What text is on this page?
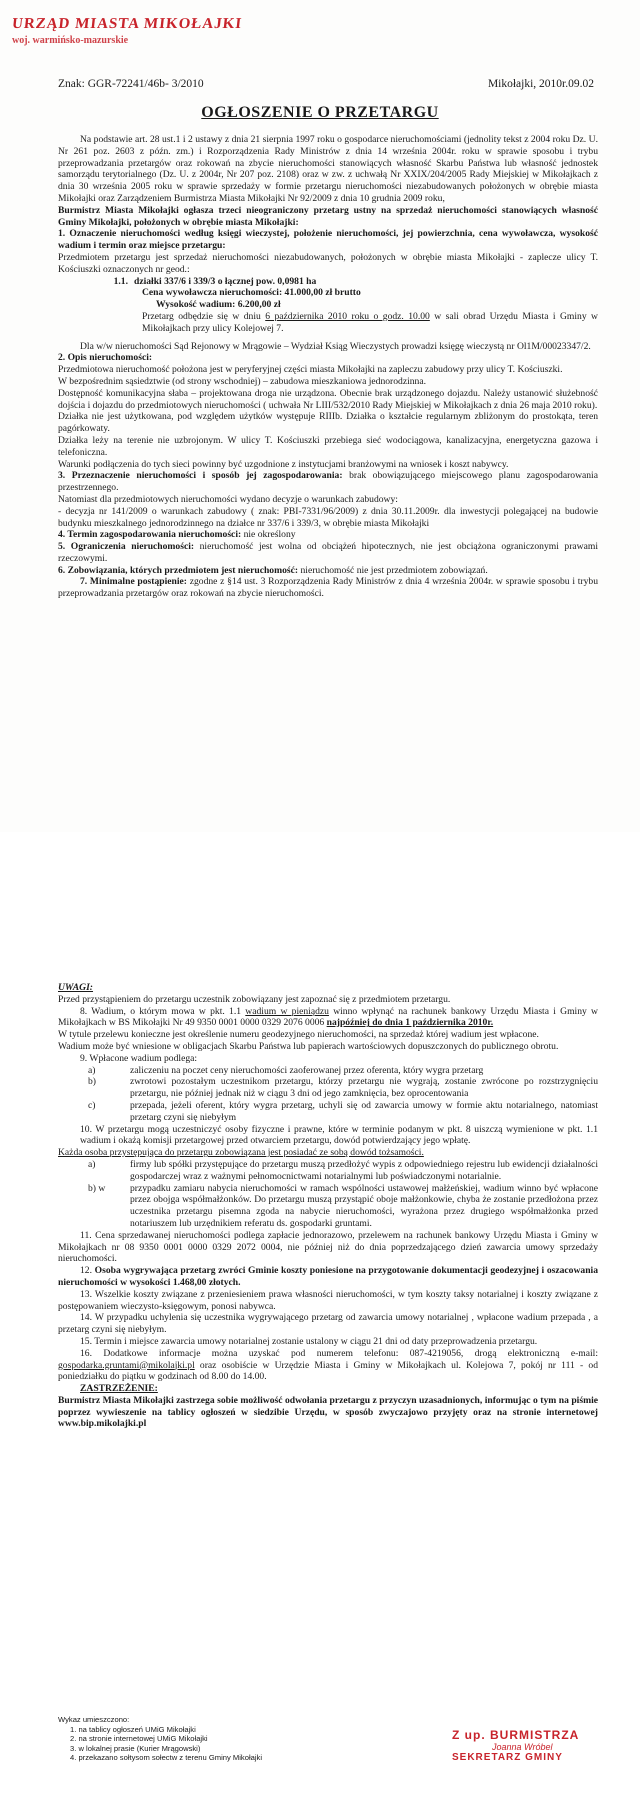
URZĄD MIASTA MIKOŁAJKI
woj. warmińsko-mazurskie
Znak: GGR-72241/46b- 3/2010	Mikołajki, 2010r.09.02
OGŁOSZENIE O PRZETARGU

Na podstawie art. 28 ust.1 i 2 ustawy z dnia 21 sierpnia 1997 roku o gospodarce nieruchomościami (jednolity tekst z 2004 roku Dz. U. Nr 261 poz. 2603 z późn. zm.) i Rozporządzenia Rady Ministrów z dnia 14 września 2004r. roku w sprawie sposobu i trybu przeprowadzania przetargów oraz rokowań na zbycie nieruchomości stanowiących własność Skarbu Państwa lub własność jednostek samorządu terytorialnego (Dz. U. z 2004r, Nr 207 poz. 2108) oraz w zw. z uchwałą Nr XXIX/204/2005 Rady Miejskiej w Mikołajkach z dnia 30 września 2005 roku w sprawie sprzedaży w formie przetargu nieruchomości niezabudowanych położonych w obrębie miasta Mikołajki oraz Zarządzeniem Burmistrza Miasta Mikołajki Nr 92/2009 z dnia 10 grudnia 2009 roku,

Burmistrz Miasta Mikołajki ogłasza trzeci nieograniczony przetarg ustny na sprzedaż nieruchomości stanowiących własność Gminy Mikołajki, położonych w obrębie miasta Mikołajki:

1. Oznaczenie nieruchomości według księgi wieczystej, położenie nieruchomości, jej powierzchnia, cena wywoławcza, wysokość wadium i termin oraz miejsce przetargu:

Przedmiotem przetargu jest sprzedaż nieruchomości niezabudowanych, położonych w obrębie miasta Mikołajki - zaplecze ulicy T. Kościuszki oznaczonych nr geod.:

1.1. działki 337/6 i 339/3 o łącznej pow. 0,0981 ha

Cena wywoławcza nieruchomości: 41.000,00 zł brutto

Wysokość wadium: 6.200,00 zł

Przetarg odbędzie się w dniu 6 października 2010 roku o godz. 10.00 w sali obrad Urzędu Miasta i Gminy w Mikołajkach przy ulicy Kolejowej 7.

Dla w/w nieruchomości Sąd Rejonowy w Mrągowie – Wydział Ksiąg Wieczystych prowadzi księgę wieczystą nr Ol1M/00023347/2.

2. Opis nieruchomości:

Przedmiotowa nieruchomość położona jest w peryferyjnej części miasta Mikołajki na zapleczu zabudowy przy ulicy T. Kościuszki.

W bezpośrednim sąsiedztwie (od strony wschodniej) – zabudowa mieszkaniowa jednorodzinna.

Dostępność komunikacyjna słaba – projektowana droga nie urządzona. Obecnie brak urządzonego dojazdu. Należy ustanowić służebność dojścia i dojazdu do przedmiotowych nieruchomości ( uchwała Nr LIII/532/2010 Rady Miejskiej w Mikołajkach z dnia 26 maja 2010 roku).

Działka nie jest użytkowana, pod względem użytków występuje RIIIb. Działka o kształcie regularnym zbliżonym do prostokąta, teren pagórkowaty.

Działka leży na terenie nie uzbrojonym. W ulicy T. Kościuszki przebiega sieć wodociągowa, kanalizacyjna, energetyczna gazowa i telefoniczna.

Warunki podłączenia do tych sieci powinny być uzgodnione z instytucjami branżowymi na wniosek i koszt nabywcy.

3. Przeznaczenie nieruchomości i sposób jej zagospodarowania: brak obowiązującego miejscowego planu zagospodarowania przestrzennego.

Natomiast dla przedmiotowych nieruchomości wydano decyzje o warunkach zabudowy:

- decyzja nr 141/2009 o warunkach zabudowy ( znak: PBI-7331/96/2009) z dnia 30.11.2009r. dla inwestycji polegającej na budowie budynku mieszkalnego jednorodzinnego na działce nr 337/6 i 339/3, w obrębie miasta Mikołajki

4. Termin zagospodarowania nieruchomości: nie określony

5. Ograniczenia nieruchomości: nieruchomość jest wolna od obciążeń hipotecznych, nie jest obciążona ograniczonymi prawami rzeczowymi.

6. Zobowiązania, których przedmiotem jest nieruchomość: nieruchomość nie jest przedmiotem zobowiązań.

7. Minimalne postąpienie: zgodne z §14 ust. 3 Rozporządzenia Rady Ministrów z dnia 4 września 2004r. w sprawie sposobu i trybu przeprowadzania przetargów oraz rokowań na zbycie nieruchomości.

UWAGI:

Przed przystąpieniem do przetargu uczestnik zobowiązany jest zapoznać się z przedmiotem przetargu.

8. Wadium, o którym mowa w pkt. 1.1 wadium w pieniądzu winno wpłynąć na rachunek bankowy Urzędu Miasta i Gminy w Mikołajkach w BS Mikołajki Nr 49 9350 0001 0000 0329 2076 0006 najpóźniej do dnia 1 października 2010r.

W tytule przelewu konieczne jest określenie numeru geodezyjnego nieruchomości, na sprzedaż której wadium jest wpłacone.

Wadium może być wniesione w obligacjach Skarbu Państwa lub papierach wartościowych dopuszczonych do publicznego obrotu.

9. Wpłacone wadium podlega:

a)	zaliczeniu na poczet ceny nieruchomości zaoferowanej przez oferenta, który wygra przetarg
b)	zwrotowi pozostałym uczestnikom przetargu, którzy przetargu nie wygrają, zostanie zwrócone po rozstrzygnięciu przetargu, nie później jednak niż w ciągu 3 dni od jego zamknięcia, bez oprocentowania
c)	przepada, jeżeli oferent, który wygra przetarg, uchyli się od zawarcia umowy w formie aktu notarialnego, natomiast przetarg czyni się niebyłym

10. W przetargu mogą uczestniczyć osoby fizyczne i prawne, które w terminie podanym w pkt. 8 uiszczą wymienione w pkt. 1.1 wadium i okażą komisji przetargowej przed otwarciem przetargu, dowód potwierdzający jego wpłatę.

Każda osoba przystępująca do przetargu zobowiązana jest posiadać ze sobą dowód tożsamości.

a)	firmy lub spółki przystępujące do przetargu muszą przedłożyć wypis z odpowiedniego rejestru lub ewidencji działalności gospodarczej wraz z ważnymi pełnomocnictwami notarialnymi lub poświadczonymi notarialnie.
b) w	przypadku zamiaru nabycia nieruchomości w ramach wspólności ustawowej małżeńskiej, wadium winno być wpłacone przez obojga współmałżonków. Do przetargu muszą przystąpić oboje małżonkowie, chyba że zostanie przedłożona przez uczestnika przetargu pisemna zgoda na nabycie nieruchomości, wyrażona przez drugiego współmałżonka przed notariuszem lub urzędnikiem referatu ds. gospodarki gruntami.

11. Cena sprzedawanej nieruchomości podlega zapłacie jednorazowo, przelewem na rachunek bankowy Urzędu Miasta i Gminy w Mikołajkach nr 08 9350 0001 0000 0329 2072 0004, nie później niż do dnia poprzedzającego dzień zawarcia umowy sprzedaży nieruchomości.

12. Osoba wygrywająca przetarg zwróci Gminie koszty poniesione na przygotowanie dokumentacji geodezyjnej i oszacowania nieruchomości w wysokości 1.468,00 złotych.

13. Wszelkie koszty związane z przeniesieniem prawa własności nieruchomości, w tym koszty taksy notarialnej i koszty związane z postępowaniem wieczysto-księgowym, ponosi nabywca.

14. W przypadku uchylenia się uczestnika wygrywającego przetarg od zawarcia umowy notarialnej , wpłacone wadium przepada , a przetarg czyni się niebyłym.

15. Termin i miejsce zawarcia umowy notarialnej zostanie ustalony w ciągu 21 dni od daty przeprowadzenia przetargu.

16. Dodatkowe informacje można uzyskać pod numerem telefonu: 087-4219056, drogą elektroniczną e-mail: gospodarka.gruntami@mikolajki.pl oraz osobiście w Urzędzie Miasta i Gminy w Mikołajkach ul. Kolejowa 7, pokój nr 111 - od poniedziałku do piątku w godzinach od 8.00 do 14.00.

ZASTRZEŻENIE:

Burmistrz Miasta Mikołajki zastrzega sobie możliwość odwołania przetargu z przyczyn uzasadnionych, informując o tym na piśmie poprzez wywieszenie na tablicy ogłoszeń w siedzibie Urzędu, w sposób zwyczajowo przyjęty oraz na stronie internetowej www.bip.mikolajki.pl

Wykaz umieszczono:
1. na tablicy ogłoszeń UMiG Mikołajki
2. na stronie internetowej UMiG Mikołajki
3. w lokalnej prasie (Kurier Mrągowski)
4. przekazano sołtysom sołectw z terenu Gminy Mikołajki
Z up. BURMISTRZA
Joanna Wróbel
SEKRETARZ GMINY
